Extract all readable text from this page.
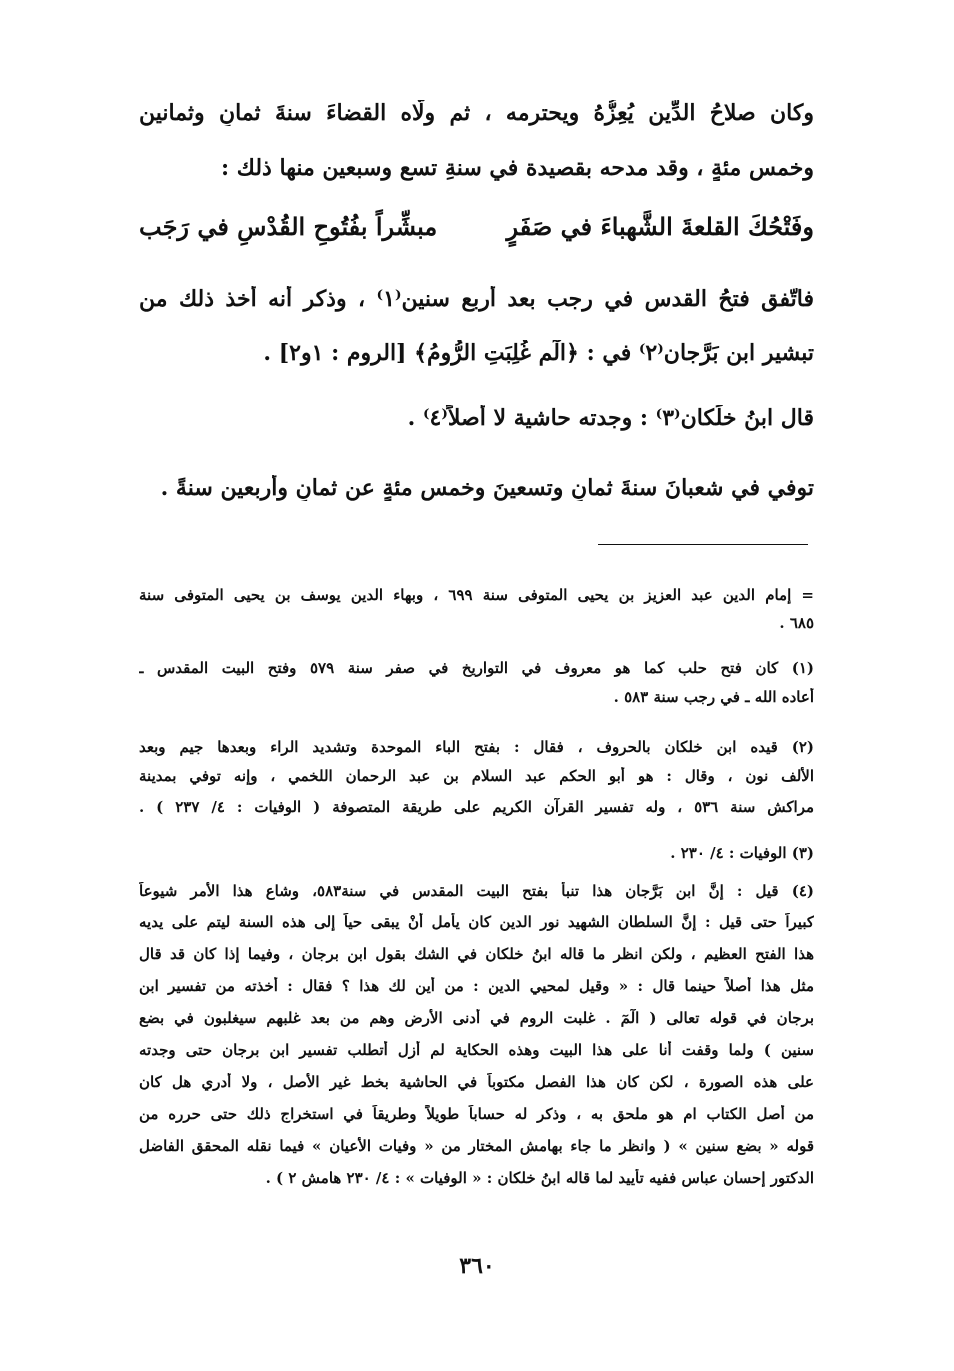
وكان صلاحُ الدِّين يُعِزُّهُ ويحترمه ، ثم ولّاه القضاءَ سنةَ ثمانٍ وثمانين
وخمس مئةٍ ، وقد مدحه بقصيدة في سنةِ تسعٍ وسبعين منها ذلك :
وفَتْحُكَ القلعةَ الشَّهباءَ في صَفَرٍ
مبشِّراً بفُتُوحِ القُدْسِ في رَجَب
فاتّفق فتحُ القدس في رجب بعد أربع سنين⁽١⁾ ، وذكر أنه أخذ ذلك من
تبشير ابن بَرَّجان⁽٢⁾ في : ﴿الٓم غُلِبَتِ الرُّومُ﴾ [الروم : ١و٢] .
قال ابنُ خلِّكان⁽٣⁾ : وجدته حاشية لا أصلاً⁽٤⁾ .
توفي في شعبانَ سنةَ ثمانٍ وتسعينَ وخمس مئةٍ عن ثمانٍ وأربعين سنةً .
= إمام الدين عبد العزيز بن يحيى المتوفى سنة ٦٩٩ ، وبهاء الدين يوسف بن يحيى المتوفى سنة
٦٨٥ .
(١) كان فتح حلب كما هو معروف في التواريخ في صفر سنة ٥٧٩ وفتح البيت المقدس ـ
أعاده الله ـ في رجب سنة ٥٨٣ .
(٢) قيده ابن خلكان بالحروف ، فقال : بفتح الباء الموحدة وتشديد الراء وبعدها جيم وبعد
الألف نون ، وقال : هو أبو الحكم عبد السلام بن عبد الرحمان اللخمي ، وإنه توفي بمدينة
مراكش سنة ٥٣٦ ، وله تفسير القرآن الكريم على طريقة المتصوفة ( الوفيات : ٤/ ٢٣٧ ) .
(٣) الوفيات : ٤/ ٢٣٠ .
(٤) قيل : إنَّ ابن بَرَّجان هذا تنبأ بفتح البيت المقدس في سنة٥٨٣، وشاع هذا الأمر شيوعاً
كبيراً حتى قيل : إنَّ السلطان الشهيد نور الدين كان يأمل أنْ يبقى حياً إلى هذه السنة ليتم على يديه
هذا الفتح العظيم ، ولكن انظر ما قاله ابنُ خلكان في الشك بقول ابن برجان ، وفيما إذا كان قد قال
مثل هذا أصلاً حينما قال : « وقيل لمحيي الدين : من أين لك هذا ؟ فقال : أخذته من تفسير ابن
برجان في قوله تعالى ( الٓمٓ . غلبت الروم في أدنى الأرض وهم من بعد غلبهم سيغلبون في بضع
سنين ) ولما وقفت أنا على هذا البيت وهذه الحكاية لم أزل أتطلب تفسير ابن برجان حتى وجدته
على هذه الصورة ، لكن كان هذا الفصل مكتوباً في الحاشية بخط غير الأصل ، ولا أدري هل كان
من أصل الكتاب ام هو ملحق به ، وذكر له حساباً طويلاً وطريقاً في استخراج ذلك حتى حرره من
قوله « بضع سنين » ( وانظر ما جاء بهامش المختار من « وفيات الأعيان » فيما نقله المحقق الفاضل
الدكتور إحسان عباس ففيه تأييد لما قاله ابنُ خلكان : « الوفيات » : ٤/ ٢٣٠ هامش ٢ ) .
٣٦٠
